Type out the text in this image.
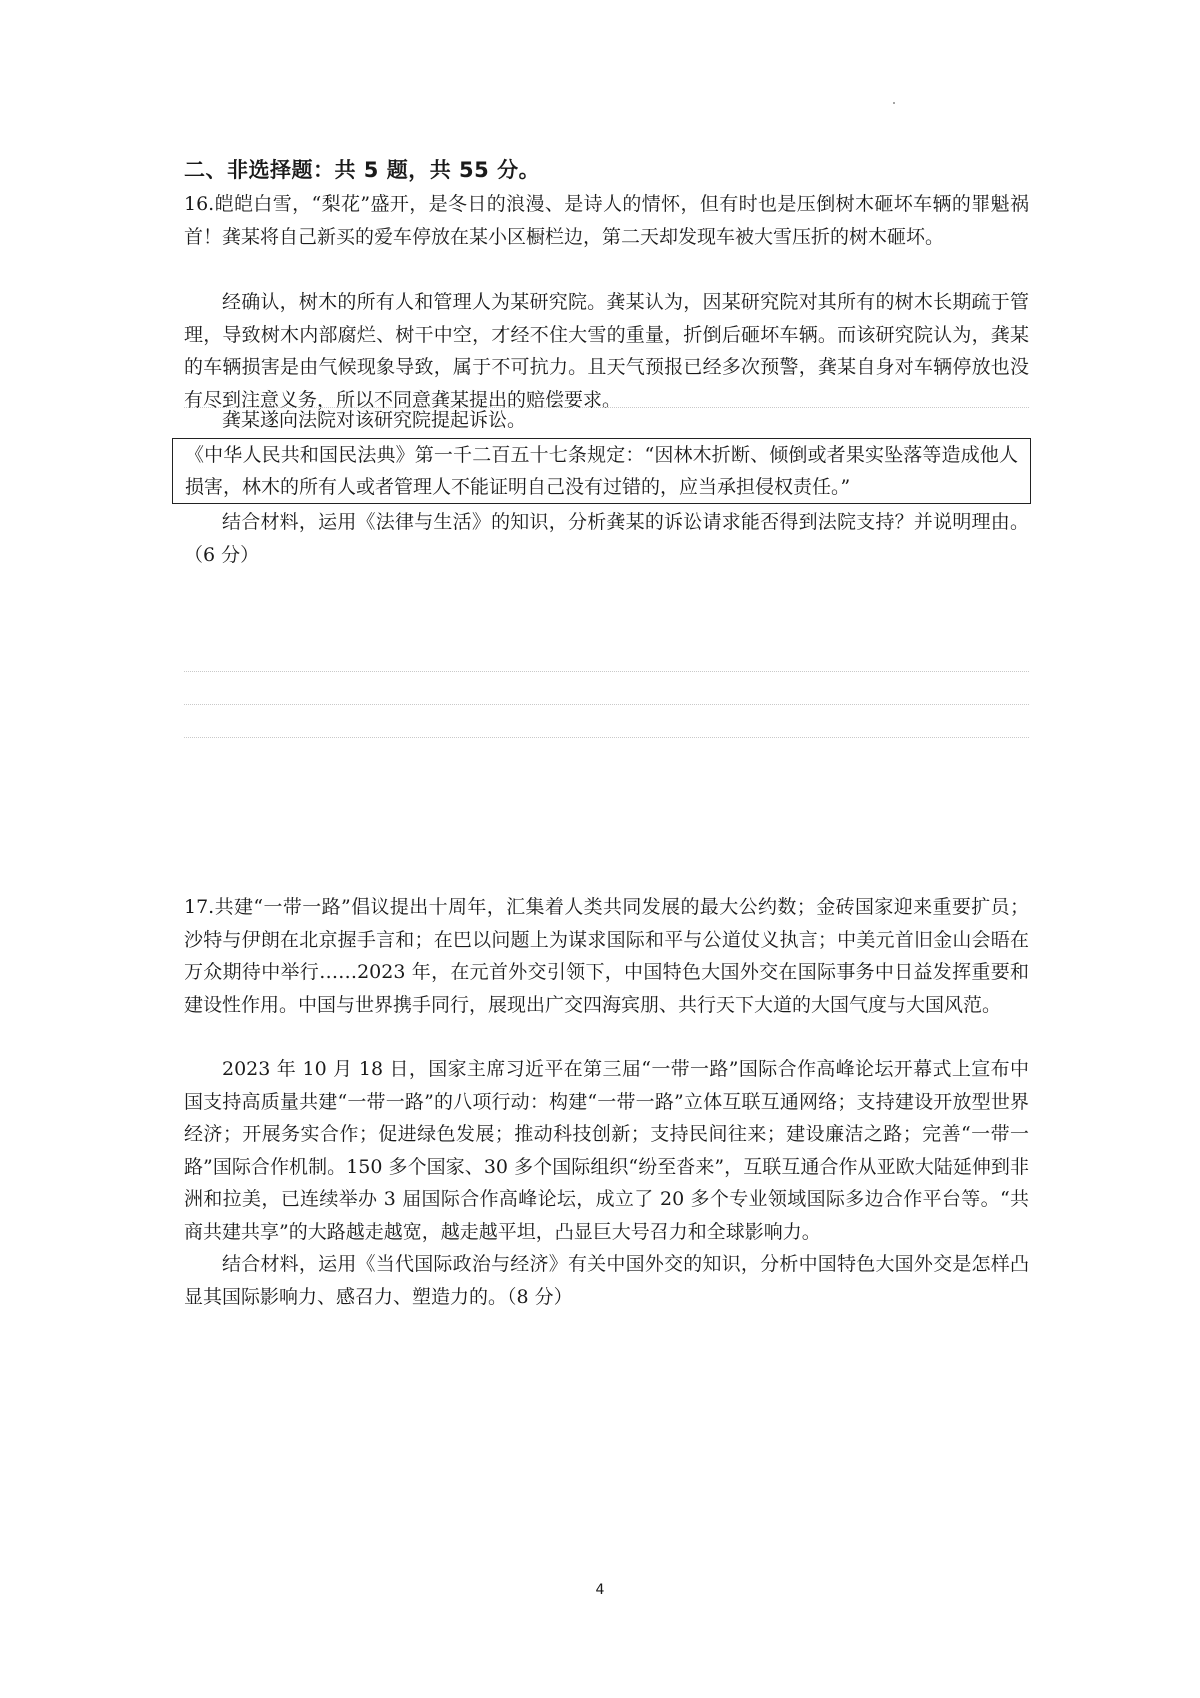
二、非选择题：共 5 题，共 55 分。

16.皑皑白雪，“梨花”盛开，是冬日的浪漫、是诗人的情怀，但有时也是压倒树木砸坏车辆的罪魁祸首！龚某将自己新买的爱车停放在某小区橱栏边，第二天却发现车被大雪压折的树木砸坏。

经确认，树木的所有人和管理人为某研究院。龚某认为，因某研究院对其所有的树木长期疏于管理，导致树木内部腐烂、树干中空，才经不住大雪的重量，折倒后砸坏车辆。而该研究院认为，龚某的车辆损害是由气候现象导致，属于不可抗力。且天气预报已经多次预警，龚某自身对车辆停放也没有尽到注意义务，所以不同意龚某提出的赔偿要求。

龚某遂向法院对该研究院提起诉讼。

《中华人民共和国民法典》第一千二百五十七条规定：“因林木折断、倾倒或者果实坠落等造成他人损害，林木的所有人或者管理人不能证明自己没有过错的，应当承担侵权责任。”

结合材料，运用《法律与生活》的知识，分析龚某的诉讼请求能否得到法院支持？并说明理由。（6 分）

17.共建“一带一路”倡议提出十周年，汇集着人类共同发展的最大公约数；金砖国家迎来重要扩员；沙特与伊朗在北京握手言和；在巴以问题上为谋求国际和平与公道仗义执言；中美元首旧金山会晤在万众期待中举行……2023 年，在元首外交引领下，中国特色大国外交在国际事务中日益发挥重要和建设性作用。中国与世界携手同行，展现出广交四海宾朋、共行天下大道的大国气度与大国风范。

2023 年 10 月 18 日，国家主席习近平在第三届“一带一路”国际合作高峰论坛开幕式上宣布中国支持高质量共建“一带一路”的八项行动：构建“一带一路”立体互联互通网络；支持建设开放型世界经济；开展务实合作；促进绿色发展；推动科技创新；支持民间往来；建设廉洁之路；完善“一带一路”国际合作机制。150 多个国家、30 多个国际组织“纷至沓来”，互联互通合作从亚欧大陆延伸到非洲和拉美，已连续举办 3 届国际合作高峰论坛，成立了 20 多个专业领域国际多边合作平台等。“共商共建共享”的大路越走越宽，越走越平坦，凸显巨大号召力和全球影响力。

结合材料，运用《当代国际政治与经济》有关中国外交的知识，分析中国特色大国外交是怎样凸显其国际影响力、感召力、塑造力的。（8 分）

4
